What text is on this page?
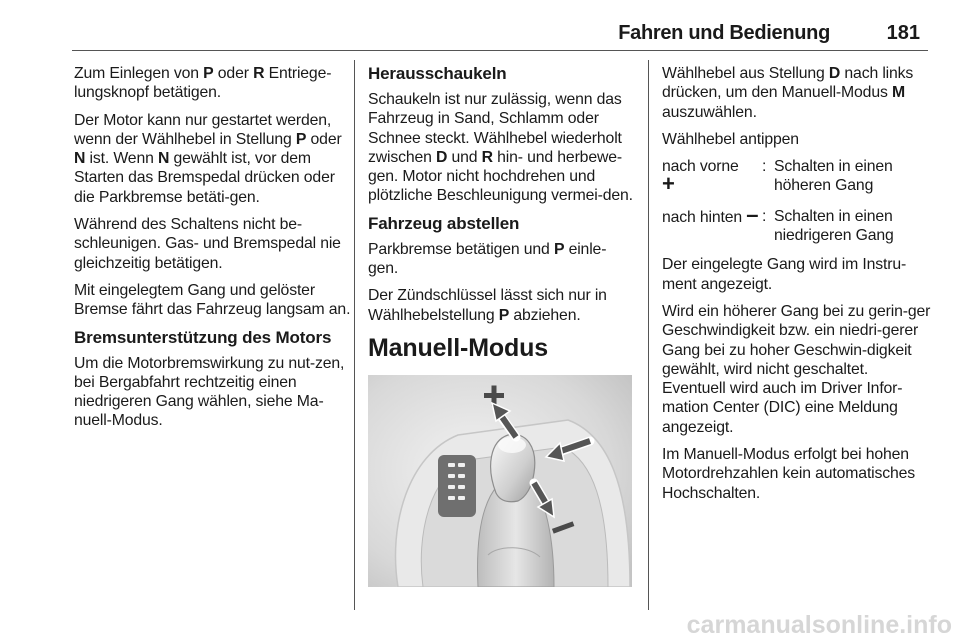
Fahren und Bedienung	181

Zum Einlegen von P oder R Entriege-lungsknopf betätigen.

Der Motor kann nur gestartet werden, wenn der Wählhebel in Stellung P oder N ist. Wenn N gewählt ist, vor dem Starten das Bremspedal drücken oder die Parkbremse betäti-gen.

Während des Schaltens nicht be-schleunigen. Gas- und Bremspedal nie gleichzeitig betätigen.

Mit eingelegtem Gang und gelöster Bremse fährt das Fahrzeug langsam an.

Bremsunterstützung des Motors

Um die Motorbremswirkung zu nut-zen, bei Bergabfahrt rechtzeitig einen niedrigeren Gang wählen, siehe Ma-nuell-Modus.

Herausschaukeln

Schaukeln ist nur zulässig, wenn das Fahrzeug in Sand, Schlamm oder Schnee steckt. Wählhebel wiederholt zwischen D und R hin- und herbewe-gen. Motor nicht hochdrehen und plötzliche Beschleunigung vermei-den.

Fahrzeug abstellen

Parkbremse betätigen und P einle-gen.

Der Zündschlüssel lässt sich nur in Wählhebelstellung P abziehen.

Manuell-Modus

Wählhebel aus Stellung D nach links drücken, um den Manuell-Modus M auszuwählen.

Wählhebel antippen

nach vorne
+
: Schalten in einen höheren Gang
nach hinten – : Schalten in einen niedrigeren Gang

Der eingelegte Gang wird im Instru-ment angezeigt.

Wird ein höherer Gang bei zu gerin-ger Geschwindigkeit bzw. ein niedri-gerer Gang bei zu hoher Geschwin-digkeit gewählt, wird nicht geschaltet. Eventuell wird auch im Driver Infor-mation Center (DIC) eine Meldung angezeigt.

Im Manuell-Modus erfolgt bei hohen Motordrehzahlen kein automatisches Hochschalten.

carmanualsonline.info
